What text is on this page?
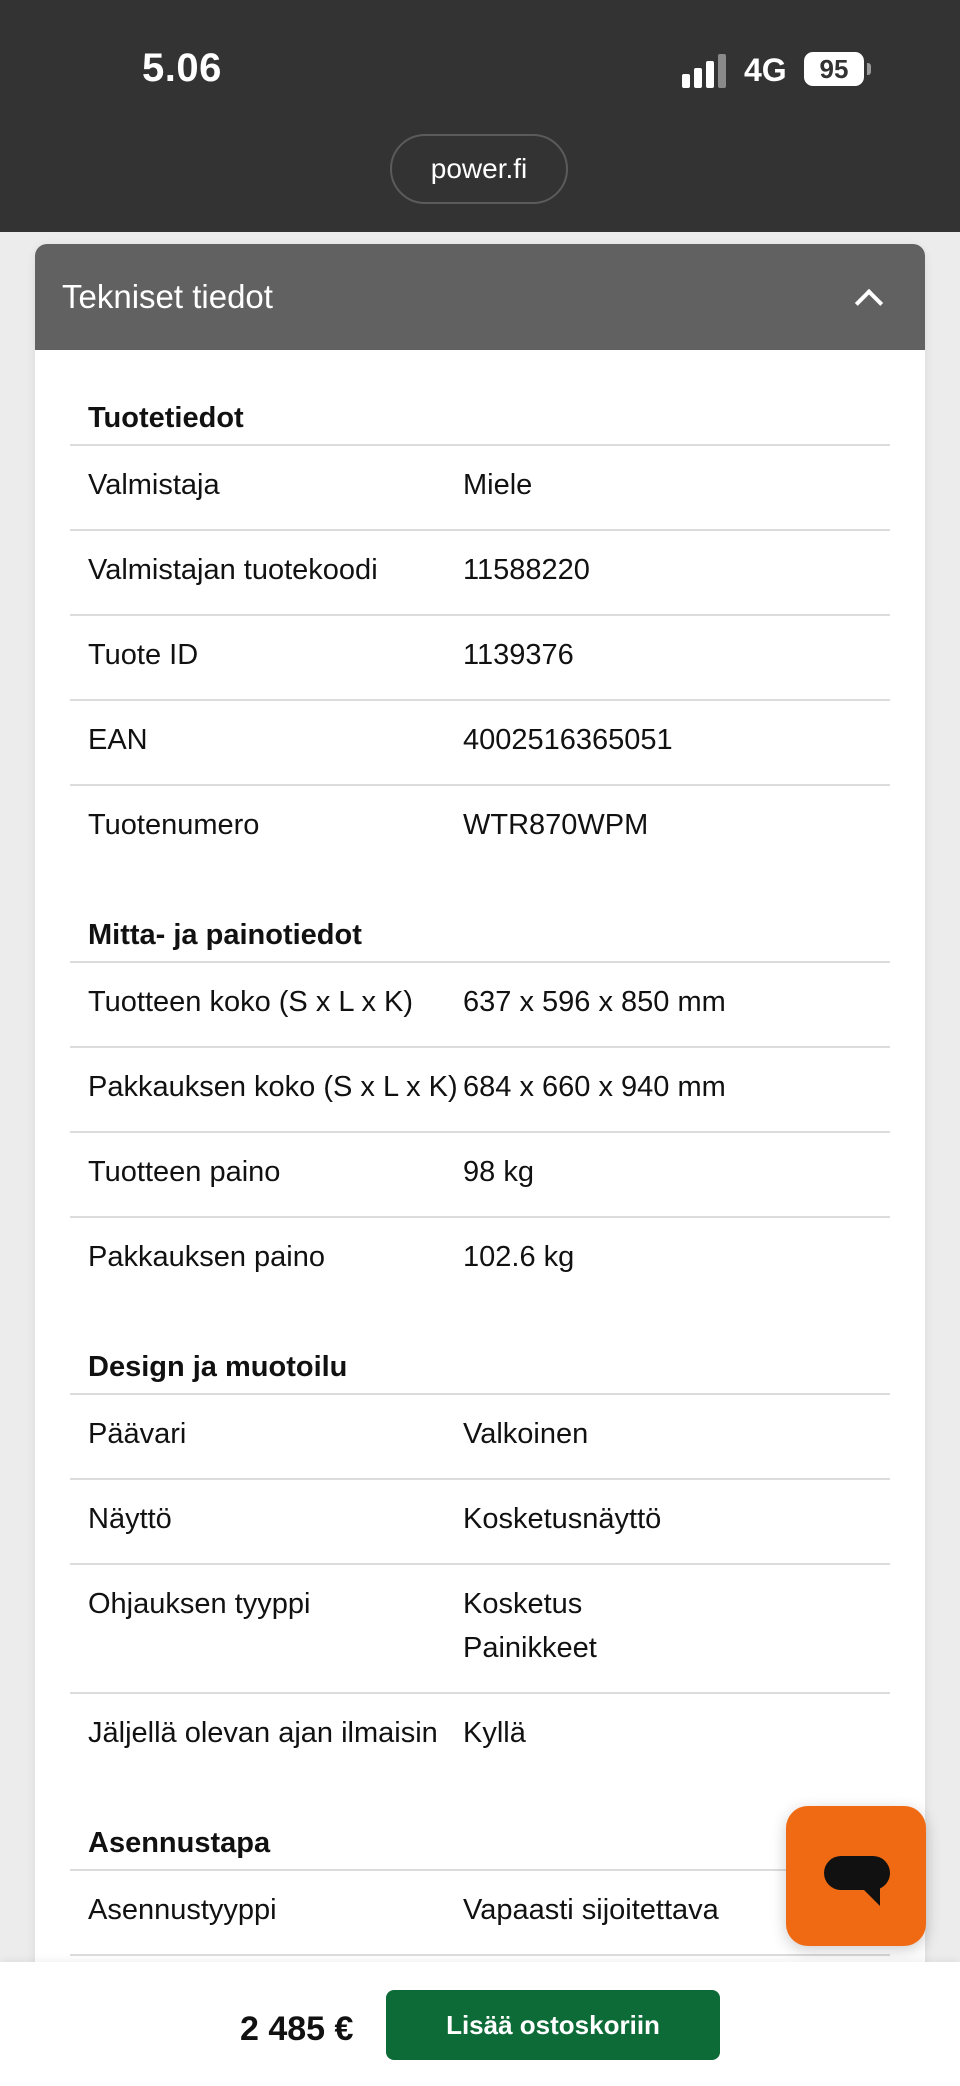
5.06	4G	95
power.fi
Tekniset tiedot
Tuotetiedot
Valmistaja	Miele
Valmistajan tuotekoodi	11588220
Tuote ID	1139376
EAN	4002516365051
Tuotenumero	WTR870WPM
Mitta- ja painotiedot
Tuotteen koko (S x L x K)	637 x 596 x 850 mm
Pakkauksen koko (S x L x K) 684 x 660 x 940 mm
Tuotteen paino	98 kg
Pakkauksen paino	102.6 kg
Design ja muotoilu
Päävari	Valkoinen
Näyttö	Kosketusnäyttö
Ohjauksen tyyppi	Kosketus
Painikkeet
Jäljellä olevan ajan ilmaisin Kyllä
Asennustapa
Asennustyyppi	Vapaasti sijoitettava
2 485 €	Lisää ostoskoriin
